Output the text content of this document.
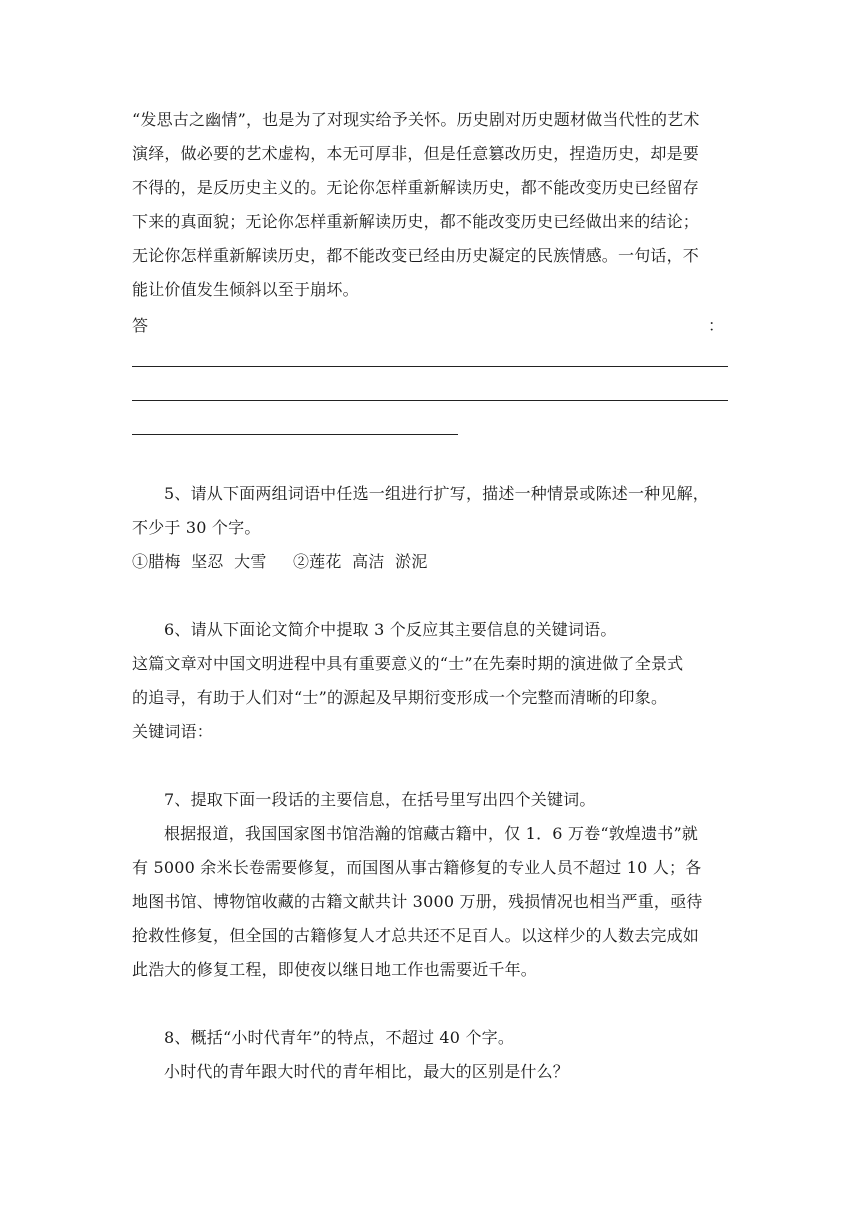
“发思古之幽情”，也是为了对现实给予关怀。历史剧对历史题材做当代性的艺术
演绎，做必要的艺术虚构，本无可厚非，但是任意篡改历史，捏造历史，却是要
不得的，是反历史主义的。无论你怎样重新解读历史，都不能改变历史已经留存
下来的真面貌；无论你怎样重新解读历史，都不能改变历史已经做出来的结论；
无论你怎样重新解读历史，都不能改变已经由历史凝定的民族情感。一句话，不
能让价值发生倾斜以至于崩坏。
答	：
5、请从下面两组词语中任选一组进行扩写，描述一种情景或陈述一种见解，
不少于 30 个字。
①腊梅  坚忍  大雪     ②莲花  高洁  淤泥
6、请从下面论文简介中提取 3 个反应其主要信息的关键词语。
这篇文章对中国文明进程中具有重要意义的“士”在先秦时期的演进做了全景式
的追寻，有助于人们对“士”的源起及早期衍变形成一个完整而清晰的印象。
关键词语：
7、提取下面一段话的主要信息，在括号里写出四个关键词。
根据报道，我国国家图书馆浩瀚的馆藏古籍中，仅 1．6 万卷“敦煌遗书”就
有 5000 余米长卷需要修复，而国图从事古籍修复的专业人员不超过 10 人；各
地图书馆、博物馆收藏的古籍文献共计 3000 万册，残损情况也相当严重，亟待
抢救性修复，但全国的古籍修复人才总共还不足百人。以这样少的人数去完成如
此浩大的修复工程，即使夜以继日地工作也需要近千年。
8、概括“小时代青年”的特点，不超过 40 个字。
小时代的青年跟大时代的青年相比，最大的区别是什么？
